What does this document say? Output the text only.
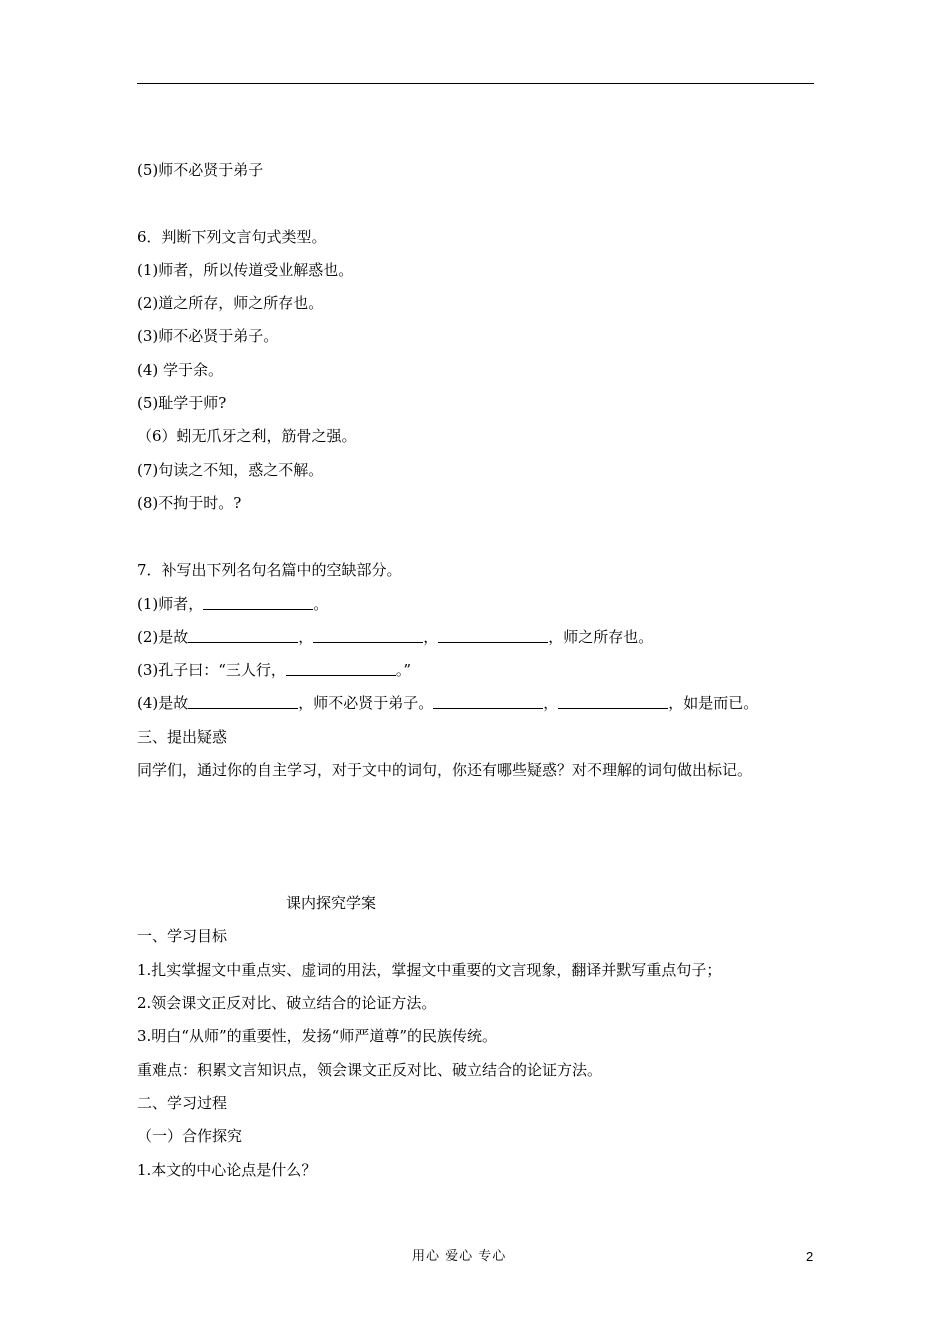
(5)师不必贤于弟子
6．判断下列文言句式类型。
(1)师者，所以传道受业解惑也。
(2)道之所存，师之所存也。
(3)师不必贤于弟子。
(4) 学于余。
(5)耻学于师?
（6）蚓无爪牙之利，筋骨之强。
(7)句读之不知，惑之不解。
(8)不拘于时。?
7．补写出下列名句名篇中的空缺部分。
(1)师者，	。
(2)是故	，	，	，师之所存也。
(3)孔子曰：“三人行，	。”
(4)是故	，师不必贤于弟子。	，	，如是而已。
三、提出疑惑
同学们，通过你的自主学习，对于文中的词句，你还有哪些疑惑？对不理解的词句做出标记。
课内探究学案
一、学习目标
1.扎实掌握文中重点实、虚词的用法，掌握文中重要的文言现象，翻译并默写重点句子；
2.领会课文正反对比、破立结合的论证方法。
3.明白“从师”的重要性，发扬“师严道尊”的民族传统。
重难点：积累文言知识点，领会课文正反对比、破立结合的论证方法。
二、学习过程
（一）合作探究
1.本文的中心论点是什么？
用心 爱心 专心	2
